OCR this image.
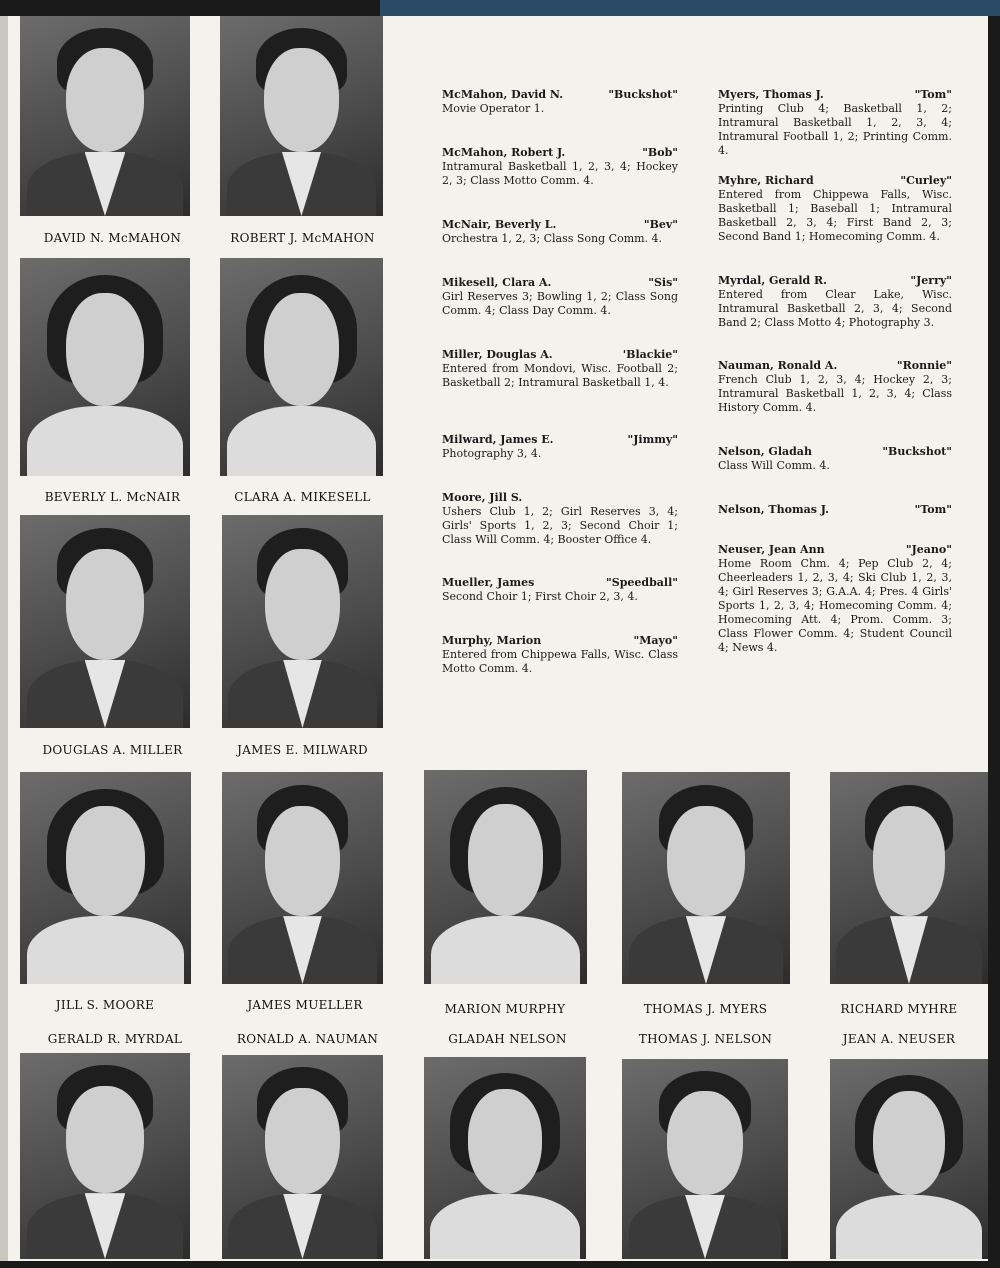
DAVID N. McMAHON	ROBERT J. McMAHON
BEVERLY L. McNAIR	CLARA A. MIKESELL
DOUGLAS A. MILLER	JAMES E. MILWARD
JILL S. MOORE	JAMES MUELLER	MARION MURPHY	THOMAS J. MYERS	RICHARD MYHRE
GERALD R. MYRDAL	RONALD A. NAUMAN	GLADAH NELSON	THOMAS J. NELSON	JEAN A. NEUSER
McMahon, David N.	"Buckshot"
Movie Operator 1.
McMahon, Robert J.	"Bob"
Intramural Basketball 1, 2, 3, 4; Hockey 2, 3; Class Motto Comm. 4.
McNair, Beverly L.	"Bev"
Orchestra 1, 2, 3; Class Song Comm. 4.
Mikesell, Clara A.	"Sis"
Girl Reserves 3; Bowling 1, 2; Class Song Comm. 4; Class Day Comm. 4.
Miller, Douglas A.	'Blackie"
Entered from Mondovi, Wisc. Football 2; Basketball 2; Intramural Basketball 1, 4.
Milward, James E.	"Jimmy"
Photography 3, 4.
Moore, Jill S.
Ushers Club 1, 2; Girl Reserves 3, 4; Girls' Sports 1, 2, 3; Second Choir 1; Class Will Comm. 4; Booster Office 4.
Mueller, James	"Speedball"
Second Choir 1; First Choir 2, 3, 4.
Murphy, Marion	"Mayo"
Entered from Chippewa Falls, Wisc. Class Motto Comm. 4.
Myers, Thomas J.	"Tom"
Printing Club 4; Basketball 1, 2; Intramural Basketball 1, 2, 3, 4; Intramural Football 1, 2; Printing Comm. 4.
Myhre, Richard	"Curley"
Entered from Chippewa Falls, Wisc. Basketball 1; Baseball 1; Intramural Basketball 2, 3, 4; First Band 2, 3; Second Band 1; Homecoming Comm. 4.
Myrdal, Gerald R.	"Jerry"
Entered from Clear Lake, Wisc. Intramural Basketball 2, 3, 4; Second Band 2; Class Motto 4; Photography 3.
Nauman, Ronald A.	"Ronnie"
French Club 1, 2, 3, 4; Hockey 2, 3; Intramural Basketball 1, 2, 3, 4; Class History Comm. 4.
Nelson, Gladah	"Buckshot"
Class Will Comm. 4.
Nelson, Thomas J.	"Tom"
Neuser, Jean Ann	"Jeano"
Home Room Chm. 4; Pep Club 2, 4; Cheerleaders 1, 2, 3, 4; Ski Club 1, 2, 3, 4; Girl Reserves 3; G.A.A. 4; Pres. 4 Girls' Sports 1, 2, 3, 4; Homecoming Comm. 4; Homecoming Att. 4; Prom. Comm. 3; Class Flower Comm. 4; Student Council 4; News 4.
